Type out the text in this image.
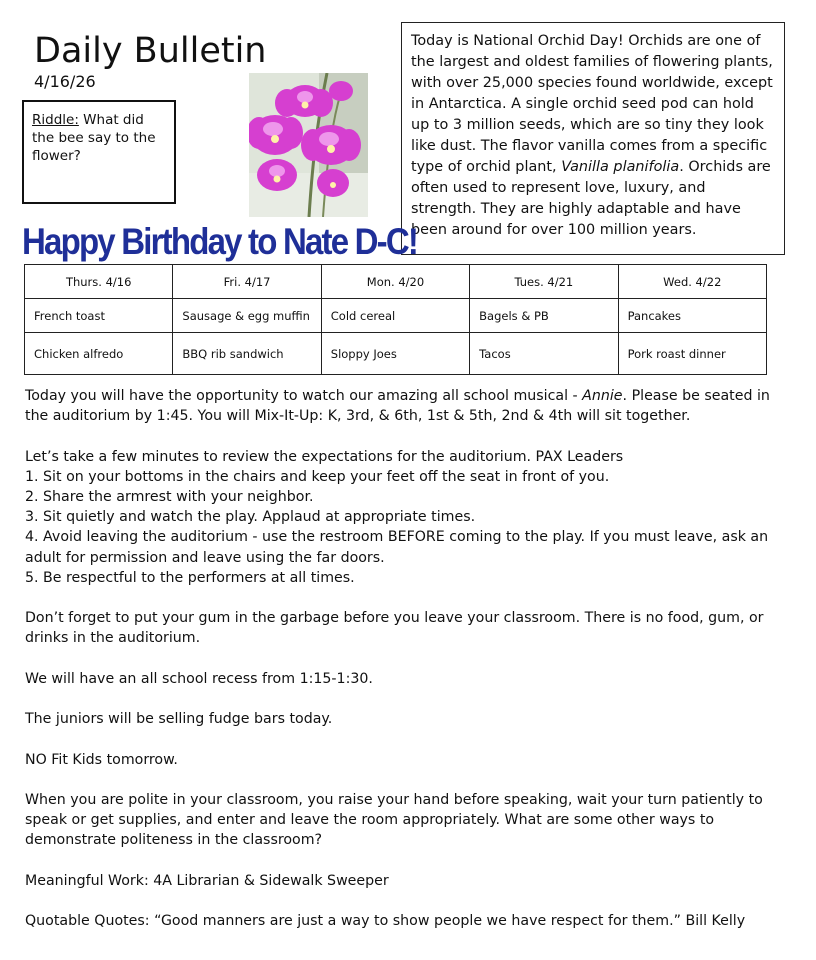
Daily Bulletin
4/16/26
Riddle: What did the bee say to the flower?
Today is National Orchid Day! Orchids are one of the largest and oldest families of flowering plants, with over 25,000 species found worldwide, except in Antarctica. A single orchid seed pod can hold up to 3 million seeds, which are so tiny they look like dust. The flavor vanilla comes from a specific type of orchid plant, Vanilla planifolia. Orchids are often used to represent love, luxury, and strength. They are highly adaptable and have been around for over 100 million years.
Happy Birthday to Nate D-C!
Thurs. 4/16	Fri. 4/17	Mon. 4/20	Tues. 4/21	Wed. 4/22
French toast	Sausage & egg muffin	Cold cereal	Bagels & PB	Pancakes
Chicken alfredo	BBQ rib sandwich	Sloppy Joes	Tacos	Pork roast dinner

Today you will have the opportunity to watch our amazing all school musical - Annie. Please be seated in the auditorium by 1:45. You will Mix-It-Up: K, 3rd, & 6th, 1st & 5th, 2nd & 4th will sit together.

Let’s take a few minutes to review the expectations for the auditorium. PAX Leaders

1. Sit on your bottoms in the chairs and keep your feet off the seat in front of you.

2. Share the armrest with your neighbor.

3. Sit quietly and watch the play. Applaud at appropriate times.

4. Avoid leaving the auditorium - use the restroom BEFORE coming to the play. If you must leave, ask an adult for permission and leave using the far doors.

5. Be respectful to the performers at all times.

Don’t forget to put your gum in the garbage before you leave your classroom. There is no food, gum, or drinks in the auditorium.

We will have an all school recess from 1:15-1:30.

The juniors will be selling fudge bars today.

NO Fit Kids tomorrow.

When you are polite in your classroom, you raise your hand before speaking, wait your turn patiently to speak or get supplies, and enter and leave the room appropriately. What are some other ways to demonstrate politeness in the classroom?

Meaningful Work: 4A Librarian & Sidewalk Sweeper

Quotable Quotes: “Good manners are just a way to show people we have respect for them.” Bill Kelly
